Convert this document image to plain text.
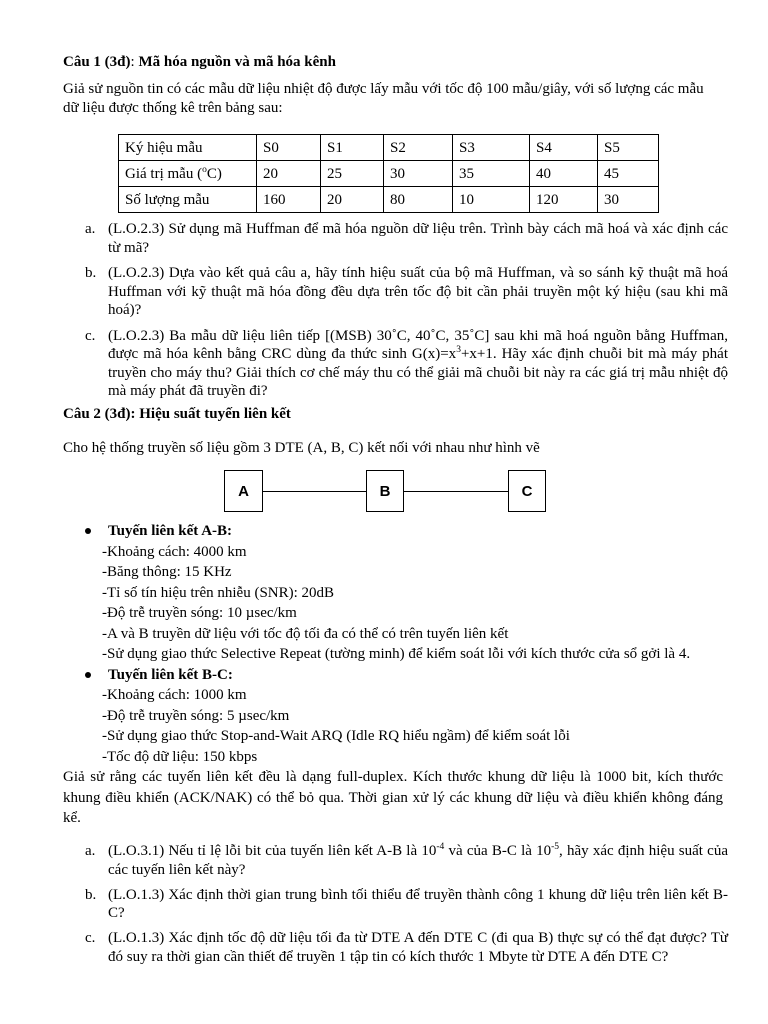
Câu 1 (3đ): Mã hóa nguồn và mã hóa kênh
Giả sử nguồn tin có các mẫu dữ liệu nhiệt độ được lấy mẫu với tốc độ 100 mẫu/giây, với số lượng các mẫu dữ liệu được thống kê trên bảng sau:
Ký hiệu mẫu	S0	S1	S2	S3	S4	S5
Giá trị mẫu ($^o$C)	20	25	30	35	40	45
Số lượng mẫu	160	20	80	10	120	30
a. (L.O.2.3) Sử dụng mã Huffman để mã hóa nguồn dữ liệu trên. Trình bày cách mã hoá và xác định các từ mã?
b. (L.O.2.3) Dựa vào kết quả câu a, hãy tính hiệu suất của bộ mã Huffman, và so sánh kỹ thuật mã hoá Huffman với kỹ thuật mã hóa đồng đều dựa trên tốc độ bit cần phải truyền một ký hiệu (sau khi mã hoá)?
c. (L.O.2.3) Ba mẫu dữ liệu liên tiếp [(MSB) 30˚C, 40˚C, 35˚C] sau khi mã hoá nguồn bằng Huffman, được mã hóa kênh bằng CRC dùng đa thức $\sinh G(x)=x^3+x+1$. Hãy xác định chuỗi bit mà máy phát truyền cho máy thu? Giải thích cơ chế máy thu có thể giải mã chuỗi bit này ra các giá trị mẫu nhiệt độ mà máy phát đã truyền đi?
Câu 2 (3đ): Hiệu suất tuyến liên kết
Cho hệ thống truyền số liệu gồm 3 DTE (A, B, C) kết nối với nhau như hình vẽ
A	B	C
Tuyến liên kết A-B:
-Khoảng cách: 4000 km
-Băng thông: 15 KHz
-Tỉ số tín hiệu trên nhiễu (SNR): 20dB
-Độ trễ truyền sóng: 10 µsec/km
-A và B truyền dữ liệu với tốc độ tối đa có thể có trên tuyến liên kết
-Sử dụng giao thức Selective Repeat (tường minh) để kiểm soát lỗi với kích thước cửa sổ gởi là 4.
Tuyến liên kết B-C:
-Khoảng cách: 1000 km
-Độ trễ truyền sóng: 5 µsec/km
-Sử dụng giao thức Stop-and-Wait ARQ (Idle RQ hiểu ngầm) để kiểm soát lỗi
-Tốc độ dữ liệu: 150 kbps
Giả sử rằng các tuyến liên kết đều là dạng full-duplex. Kích thước khung dữ liệu là 1000 bit, kích thước khung điều khiển (ACK/NAK) có thể bỏ qua. Thời gian xử lý các khung dữ liệu và điều khiển không đáng kể.
a. (L.O.3.1) Nếu tỉ lệ lỗi bit của tuyến liên kết A-B là $10^{-4}$ và của B-C là $10^{-5}$, hãy xác định hiệu suất của các tuyến liên kết này?
b. (L.O.1.3) Xác định thời gian trung bình tối thiểu để truyền thành công 1 khung dữ liệu trên liên kết B-C?
c. (L.O.1.3) Xác định tốc độ dữ liệu tối đa từ DTE A đến DTE C (đi qua B) thực sự có thể đạt được? Từ đó suy ra thời gian cần thiết để truyền 1 tập tin có kích thước 1 Mbyte từ DTE A đến DTE C?
